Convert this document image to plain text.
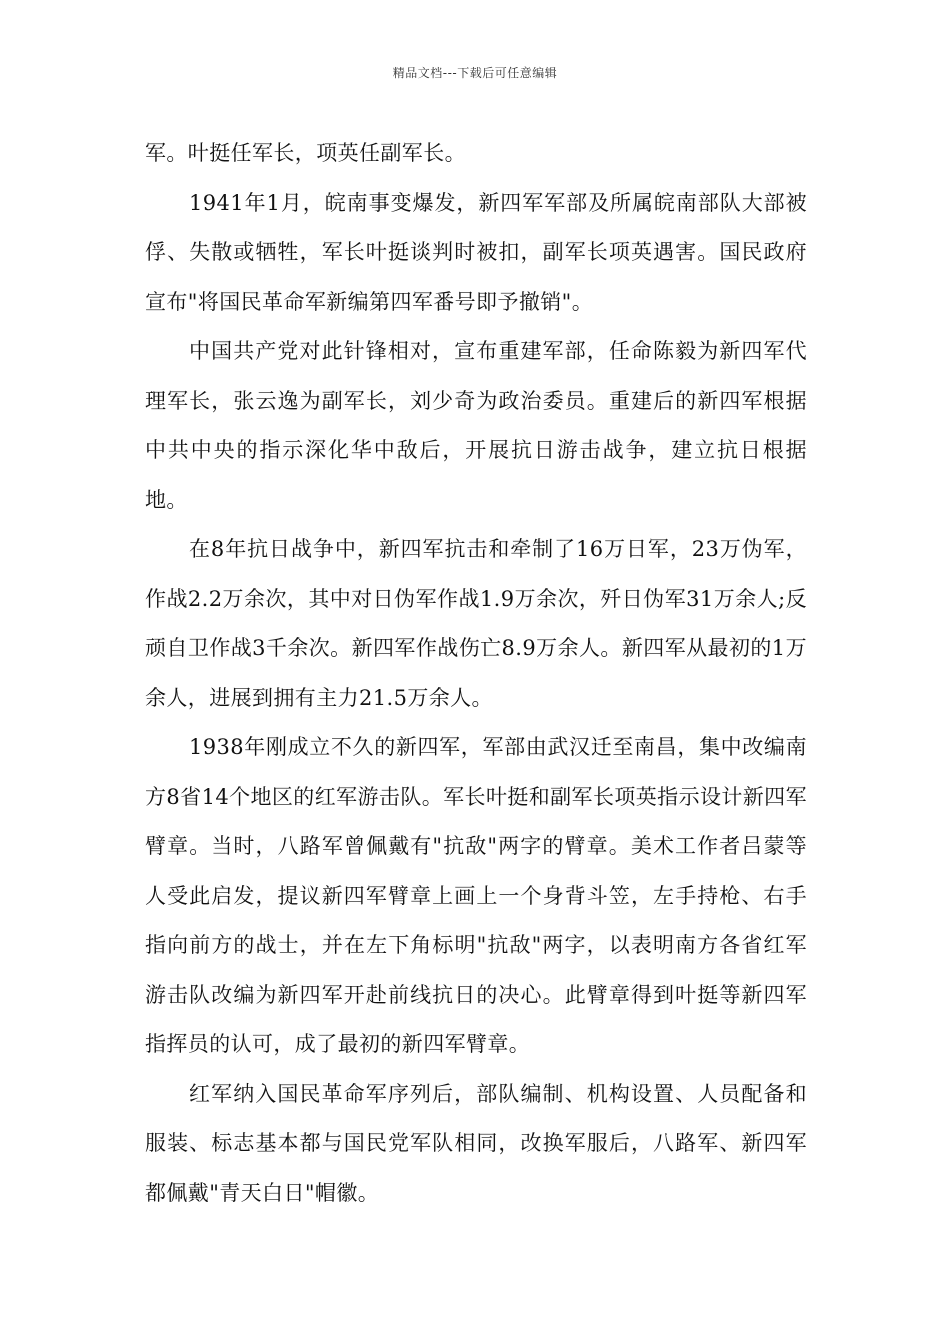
精品文档---下载后可任意编辑

军。叶挺任军长，项英任副军长。

1941年1月，皖南事变爆发，新四军军部及所属皖南部队大部被俘、失散或牺牲，军长叶挺谈判时被扣，副军长项英遇害。国民政府宣布"将国民革命军新编第四军番号即予撤销"。

中国共产党对此针锋相对，宣布重建军部，任命陈毅为新四军代理军长，张云逸为副军长，刘少奇为政治委员。重建后的新四军根据中共中央的指示深化华中敌后，开展抗日游击战争，建立抗日根据地。

在8年抗日战争中，新四军抗击和牵制了16万日军，23万伪军，作战2.2万余次，其中对日伪军作战1.9万余次，歼日伪军31万余人;反顽自卫作战3千余次。新四军作战伤亡8.9万余人。新四军从最初的1万余人，进展到拥有主力21.5万余人。

1938年刚成立不久的新四军，军部由武汉迁至南昌，集中改编南方8省14个地区的红军游击队。军长叶挺和副军长项英指示设计新四军臂章。当时，八路军曾佩戴有"抗敌"两字的臂章。美术工作者吕蒙等人受此启发，提议新四军臂章上画上一个身背斗笠，左手持枪、右手指向前方的战士，并在左下角标明"抗敌"两字，以表明南方各省红军游击队改编为新四军开赴前线抗日的决心。此臂章得到叶挺等新四军指挥员的认可，成了最初的新四军臂章。

红军纳入国民革命军序列后，部队编制、机构设置、人员配备和服装、标志基本都与国民党军队相同，改换军服后，八路军、新四军都佩戴"青天白日"帽徽。
